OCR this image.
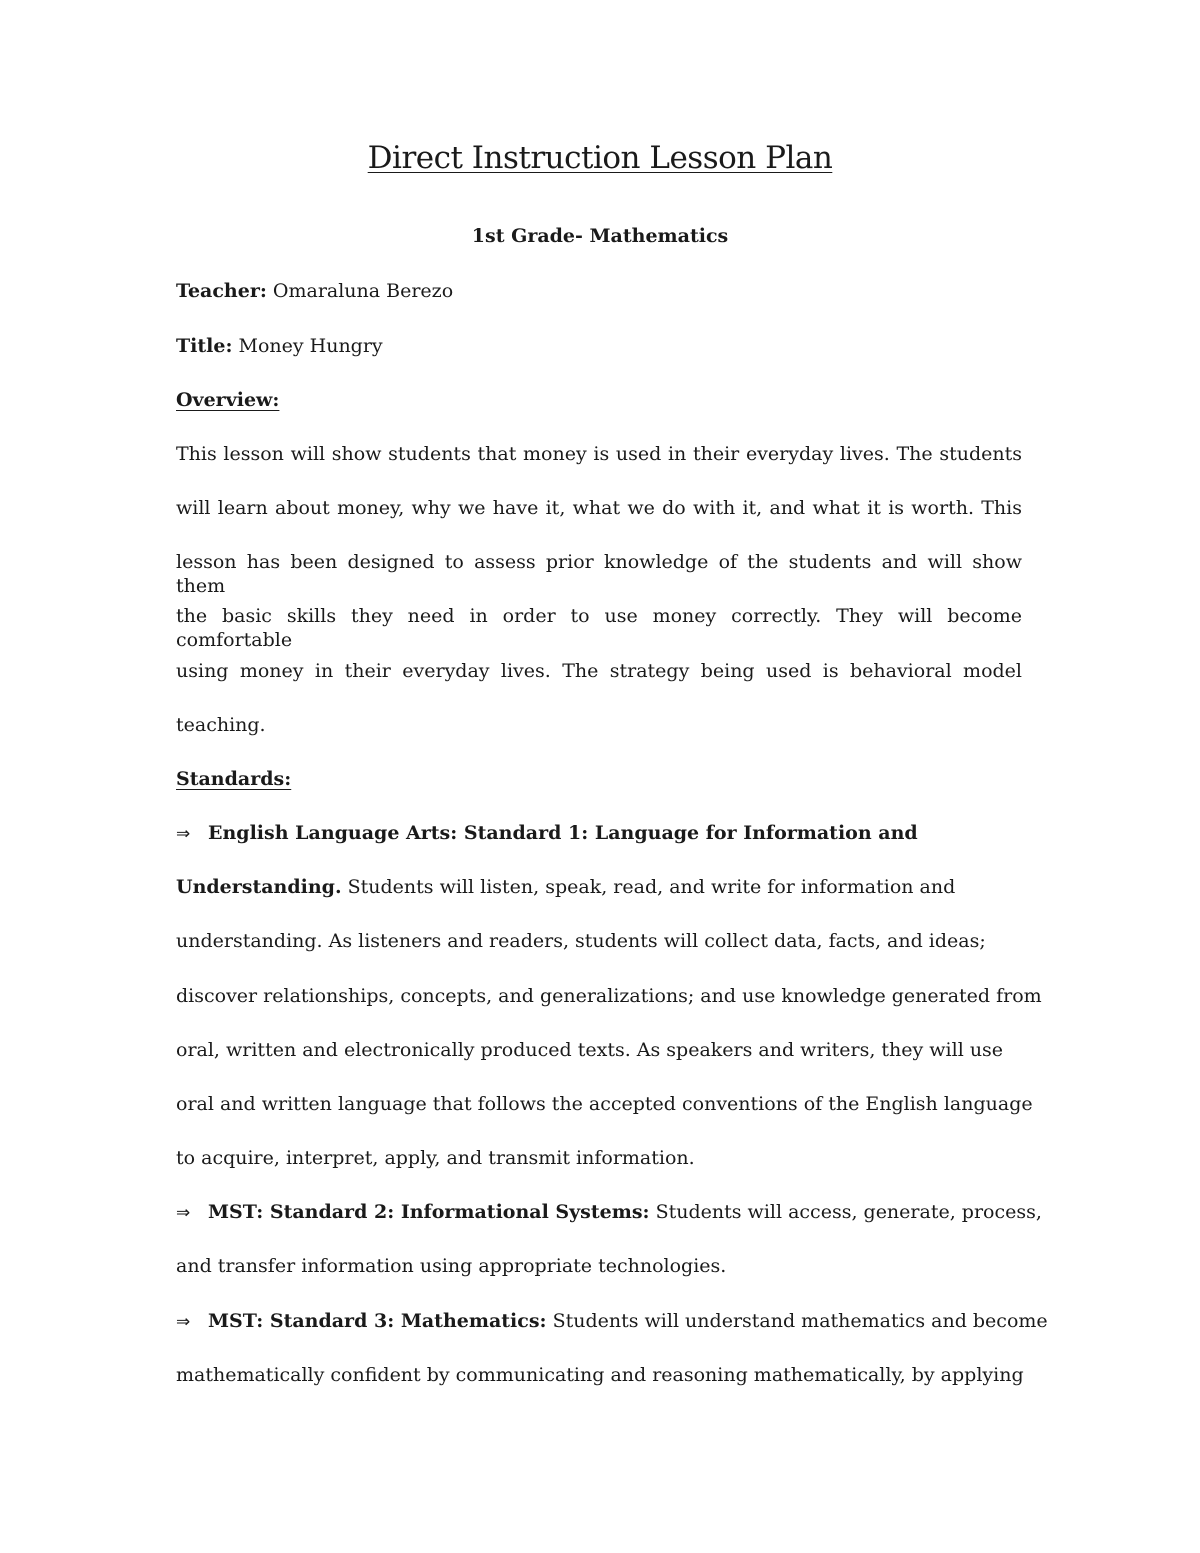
Direct Instruction Lesson Plan
1st Grade- Mathematics
Teacher: Omaraluna Berezo
Title: Money Hungry
Overview:
This lesson will show students that money is used in their everyday lives. The students
will learn about money, why we have it, what we do with it, and what it is worth. This
lesson has been designed to assess prior knowledge of the students and will show them
the basic skills they need in order to use money correctly. They will become comfortable
using money in their everyday lives. The strategy being used is behavioral model
teaching.
Standards:
⇒ English Language Arts: Standard 1: Language for Information and
Understanding. Students will listen, speak, read, and write for information and
understanding. As listeners and readers, students will collect data, facts, and ideas;
discover relationships, concepts, and generalizations; and use knowledge generated from
oral, written and electronically produced texts. As speakers and writers, they will use
oral and written language that follows the accepted conventions of the English language
to acquire, interpret, apply, and transmit information.
⇒ MST: Standard 2: Informational Systems: Students will access, generate, process,
and transfer information using appropriate technologies.
⇒ MST: Standard 3: Mathematics: Students will understand mathematics and become
mathematically confident by communicating and reasoning mathematically, by applying
